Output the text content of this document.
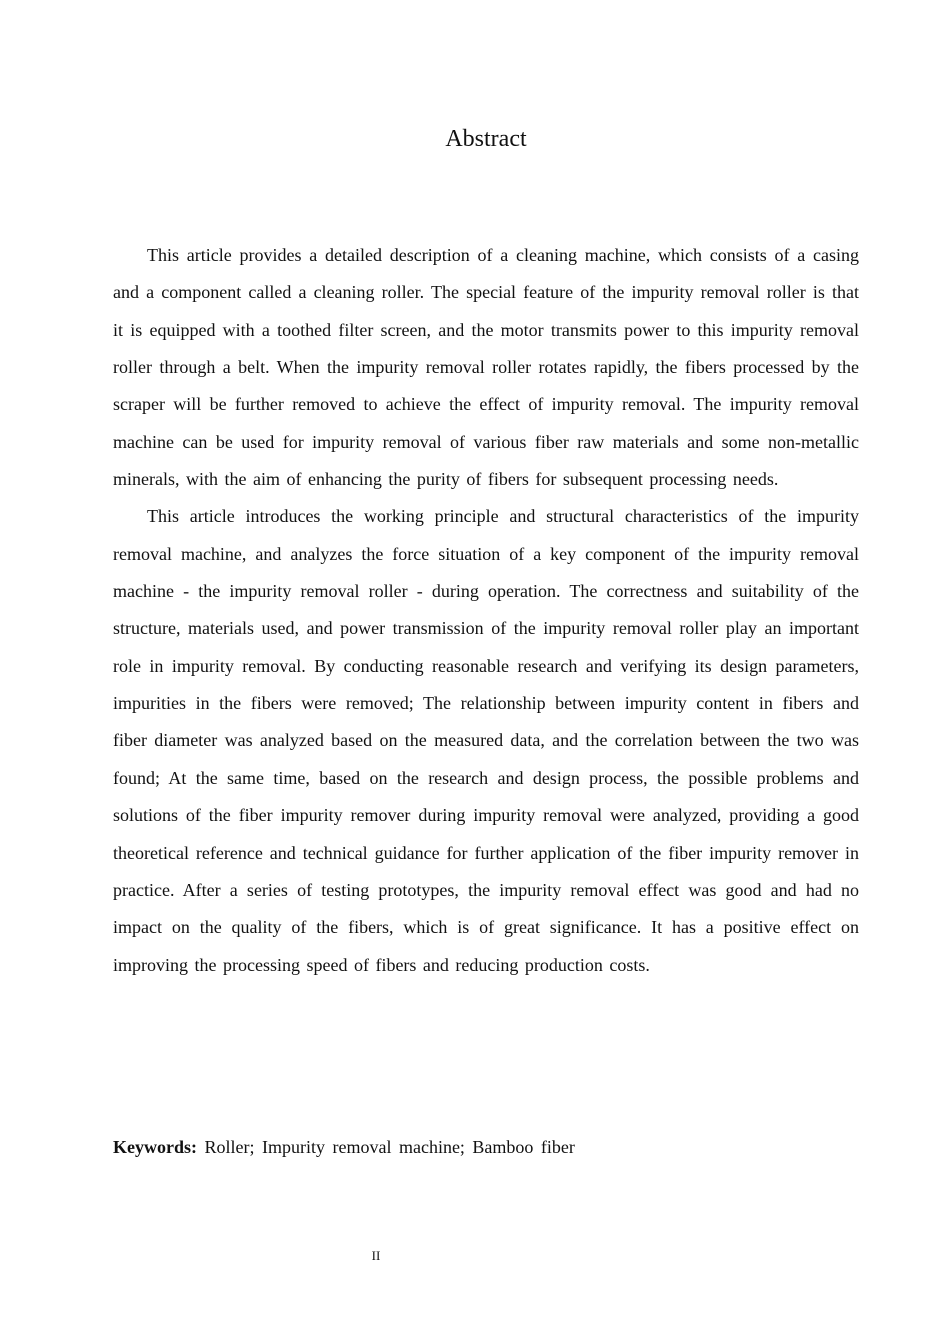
Abstract

This article provides a detailed description of a cleaning machine, which consists of a casing and a component called a cleaning roller. The special feature of the impurity removal roller is that it is equipped with a toothed filter screen, and the motor transmits power to this impurity removal roller through a belt. When the impurity removal roller rotates rapidly, the fibers processed by the scraper will be further removed to achieve the effect of impurity removal. The impurity removal machine can be used for impurity removal of various fiber raw materials and some non-metallic minerals, with the aim of enhancing the purity of fibers for subsequent processing needs.

This article introduces the working principle and structural characteristics of the impurity removal machine, and analyzes the force situation of a key component of the impurity removal machine - the impurity removal roller - during operation. The correctness and suitability of the structure, materials used, and power transmission of the impurity removal roller play an important role in impurity removal. By conducting reasonable research and verifying its design parameters, impurities in the fibers were removed; The relationship between impurity content in fibers and fiber diameter was analyzed based on the measured data, and the correlation between the two was found; At the same time, based on the research and design process, the possible problems and solutions of the fiber impurity remover during impurity removal were analyzed, providing a good theoretical reference and technical guidance for further application of the fiber impurity remover in practice. After a series of testing prototypes, the impurity removal effect was good and had no impact on the quality of the fibers, which is of great significance. It has a positive effect on improving the processing speed of fibers and reducing production costs.

Keywords: Roller; Impurity removal machine; Bamboo fiber

II
